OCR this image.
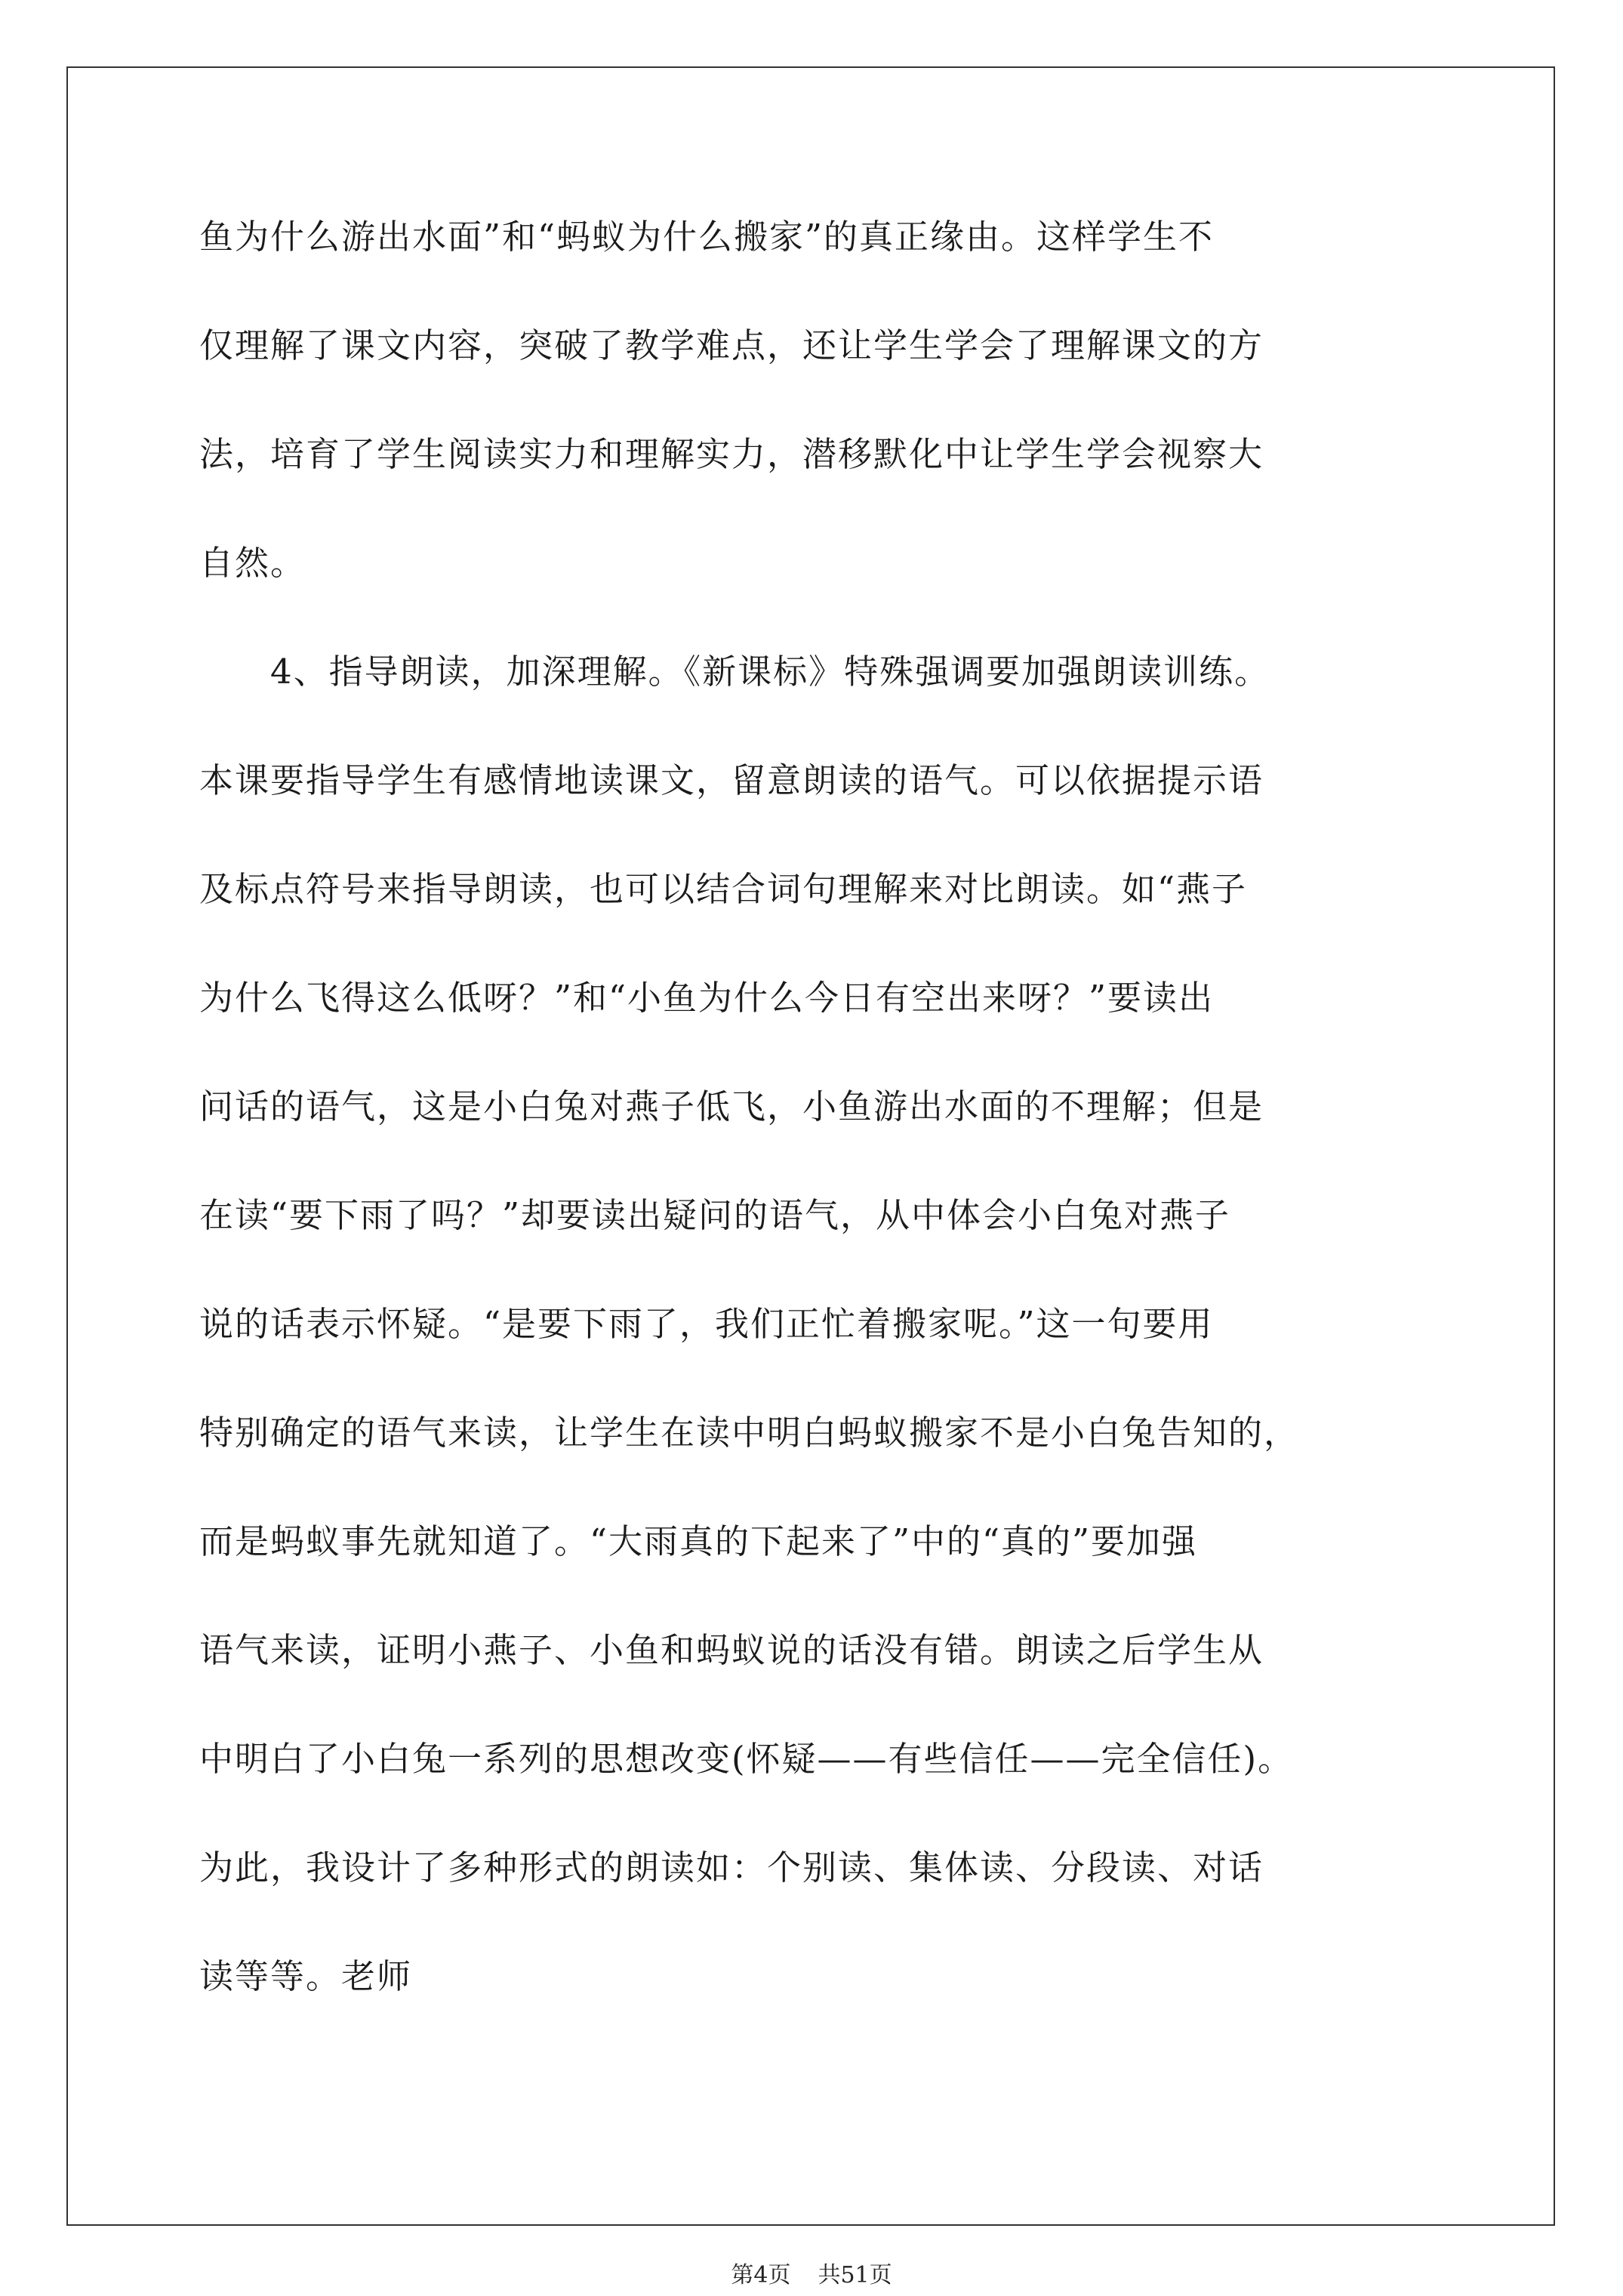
鱼为什么游出水面”和“蚂蚁为什么搬家”的真正缘由。这样学生不
仅理解了课文内容，突破了教学难点，还让学生学会了理解课文的方
法，培育了学生阅读实力和理解实力，潜移默化中让学生学会视察大
自然。
4、指导朗读，加深理解。《新课标》特殊强调要加强朗读训练。
本课要指导学生有感情地读课文，留意朗读的语气。可以依据提示语
及标点符号来指导朗读，也可以结合词句理解来对比朗读。如“燕子
为什么飞得这么低呀？”和“小鱼为什么今日有空出来呀？”要读出
问话的语气，这是小白兔对燕子低飞，小鱼游出水面的不理解；但是
在读“要下雨了吗？”却要读出疑问的语气，从中体会小白兔对燕子
说的话表示怀疑。“是要下雨了，我们正忙着搬家呢。”这一句要用
特别确定的语气来读，让学生在读中明白蚂蚁搬家不是小白兔告知的，
而是蚂蚁事先就知道了。“大雨真的下起来了”中的“真的”要加强
语气来读，证明小燕子、小鱼和蚂蚁说的话没有错。朗读之后学生从
中明白了小白兔一系列的思想改变(怀疑——有些信任——完全信任)。
为此，我设计了多种形式的朗读如：个别读、集体读、分段读、对话
读等等。老师
第4页 共51页
